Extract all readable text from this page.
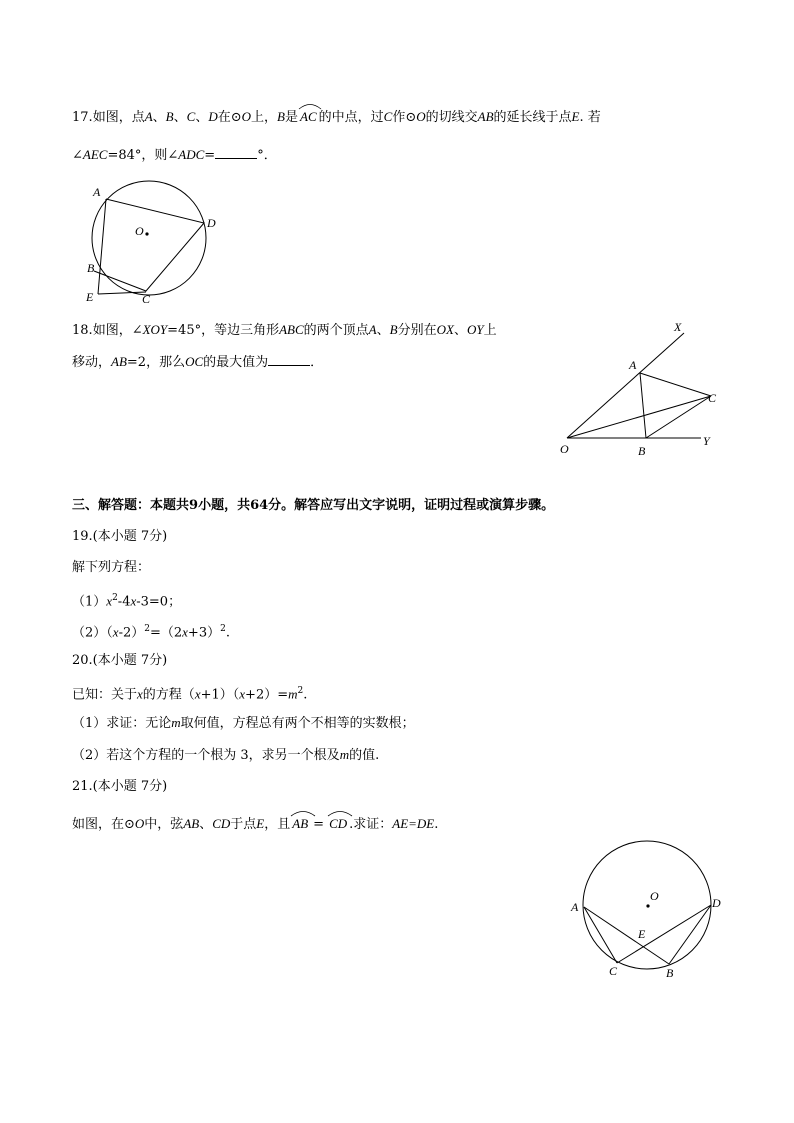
17.如图，点A、B、C、D在⊙O上，B是 AC 的中点，过C作⊙O的切线交AB的延长线于点E. 若
∠AEC=84°，则∠ADC=	°．
A
D
O
B
E	C
18.如图，∠XOY=45°，等边三角形ABC的两个顶点A、B分别在OX、OY上
移动，AB=2，那么OC的最大值为	．
X
A
C
O	B
Y
三、解答题：本题共9小题，共64分。解答应写出文字说明，证明过程或演算步骤。
19.(本小题 7分)
解下列方程：
$(1)x^2-4x-3=0$；
$(2)(x-2)^2=(2x+3)^2$.
20.(本小题 7分)
已知：关于x的方程$(x+1)(x+2)=m^2$.
（1）求证：无论m取何值，方程总有两个不相等的实数根；
（2）若这个方程的一个根为 3，求另一个根及m的值.
21.(本小题 7分)
如图，在⊙O中，弦AB、CD于点E，且 AB = CD .求证：AE=DE.
O
A	D
E
C	B
